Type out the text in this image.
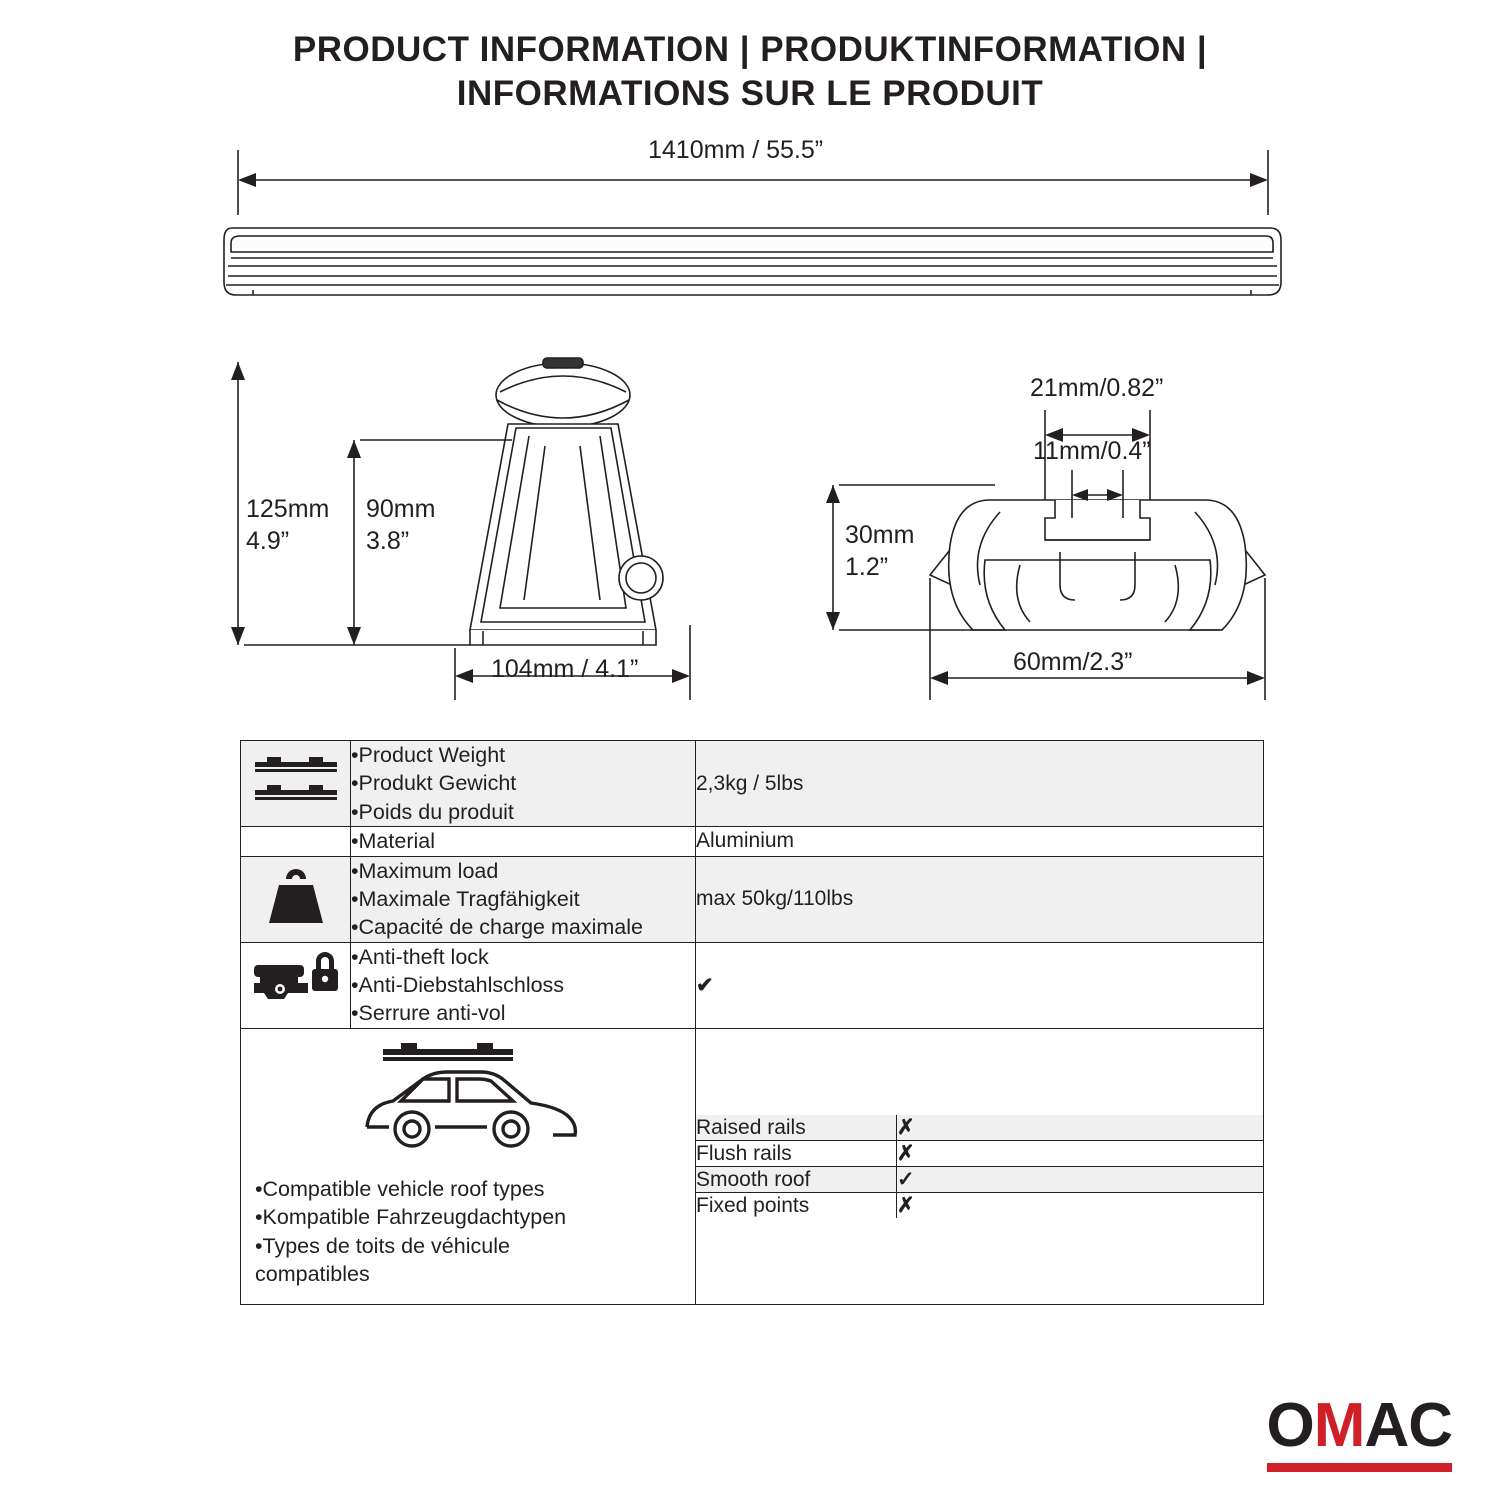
PRODUCT INFORMATION | PRODUKTINFORMATION |
INFORMATIONS SUR LE PRODUIT
1410mm / 55.5”
125mm
4.9”
90mm
3.8”
104mm / 4.1”
21mm/0.82”
11mm/0.4”
30mm
1.2”
60mm/2.3”

•Product Weight
•Produkt Gewicht
•Poids du produit
	2,3kg / 5lbs

•Material	Aluminium

•Maximum load
•Maximale Tragfähigkeit
•Capacité de charge maximale
	max 50kg/110lbs

•Anti-theft lock
•Anti-Diebstahlschloss
•Serrure anti-vol
	✔

•Compatible vehicle roof types
•Kompatible Fahrzeugdachtypen
•Types de toits de véhicule compatibles

Raised rails	✗
Flush rails	✗
Smooth roof	✓
Fixed points	✗
OMAC
